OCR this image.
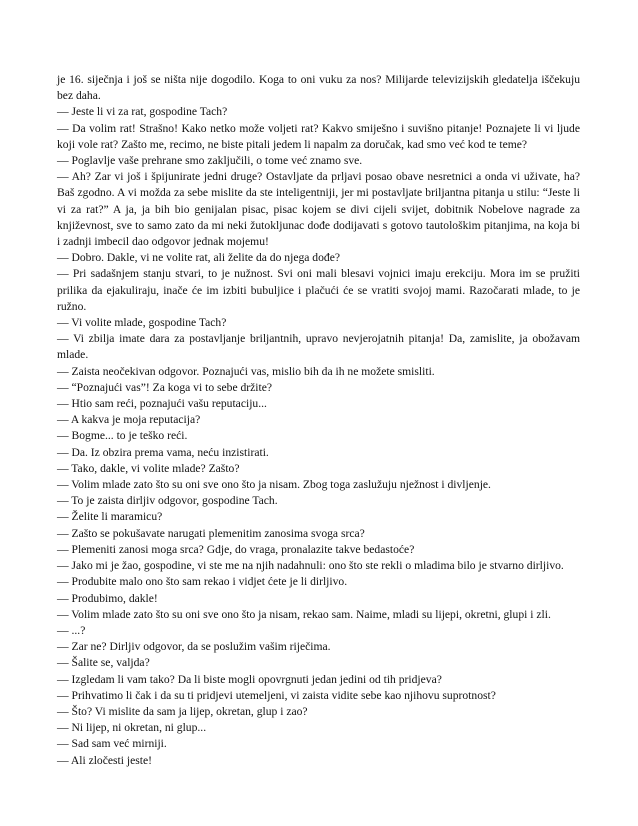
je 16. siječnja i još se ništa nije dogodilo. Koga to oni vuku za nos? Milijarde televizijskih gledatelja iščekuju bez daha.

— Jeste li vi za rat, gospodine Tach?

— Da volim rat! Strašno! Kako netko može voljeti rat? Kakvo smiješno i suvišno pitanje! Poznajete li vi ljude koji vole rat? Zašto me, recimo, ne biste pitali jedem li napalm za doručak, kad smo već kod te teme?

— Poglavlje vaše prehrane smo zaključili, o tome već znamo sve.

— Ah? Zar vi još i špijunirate jedni druge? Ostavljate da prljavi posao obave nesretnici a onda vi uživate, ha? Baš zgodno. A vi možda za sebe mislite da ste inteligentniji, jer mi postavljate briljantna pitanja u stilu: “Jeste li vi za rat?” A ja, ja bih bio genijalan pisac, pisac kojem se divi cijeli svijet, dobitnik Nobelove nagrade za književnost, sve to samo zato da mi neki žutokljunac dođe dodijavati s gotovo tautološkim pitanjima, na koja bi i zadnji imbecil dao odgovor jednak mojemu!

— Dobro. Dakle, vi ne volite rat, ali želite da do njega dođe?

— Pri sadašnjem stanju stvari, to je nužnost. Svi oni mali blesavi vojnici imaju erekciju. Mora im se pružiti prilika da ejakuliraju, inače će im izbiti bubuljice i plačući će se vratiti svojoj mami. Razočarati mlade, to je ružno.

— Vi volite mlade, gospodine Tach?

— Vi zbilja imate dara za postavljanje briljantnih, upravo nevjerojatnih pitanja! Da, zamislite, ja obožavam mlade.

— Zaista neočekivan odgovor. Poznajući vas, mislio bih da ih ne možete smisliti.

— “Poznajući vas”! Za koga vi to sebe držite?

— Htio sam reći, poznajući vašu reputaciju...

— A kakva je moja reputacija?

— Bogme... to je teško reći.

— Da. Iz obzira prema vama, neću inzistirati.

— Tako, dakle, vi volite mlade? Zašto?

— Volim mlade zato što su oni sve ono što ja nisam. Zbog toga zaslužuju nježnost i divljenje.

— To je zaista dirljiv odgovor, gospodine Tach.

— Želite li maramicu?

— Zašto se pokušavate narugati plemenitim zanosima svoga srca?

— Plemeniti zanosi moga srca? Gdje, do vraga, pronalazite takve bedastoće?

— Jako mi je žao, gospodine, vi ste me na njih nadahnuli: ono što ste rekli o mladima bilo je stvarno dirljivo.

— Produbite malo ono što sam rekao i vidjet ćete je li dirljivo.

— Produbimo, dakle!

— Volim mlade zato što su oni sve ono što ja nisam, rekao sam. Naime, mladi su lijepi, okretni, glupi i zli.

— ...?

— Zar ne? Dirljiv odgovor, da se poslužim vašim riječima.

— Šalite se, valjda?

— Izgledam li vam tako? Da li biste mogli opovrgnuti jedan jedini od tih pridjeva?

— Prihvatimo li čak i da su ti pridjevi utemeljeni, vi zaista vidite sebe kao njihovu suprotnost?

— Što? Vi mislite da sam ja lijep, okretan, glup i zao?

— Ni lijep, ni okretan, ni glup...

— Sad sam već mirniji.

— Ali zločesti jeste!
